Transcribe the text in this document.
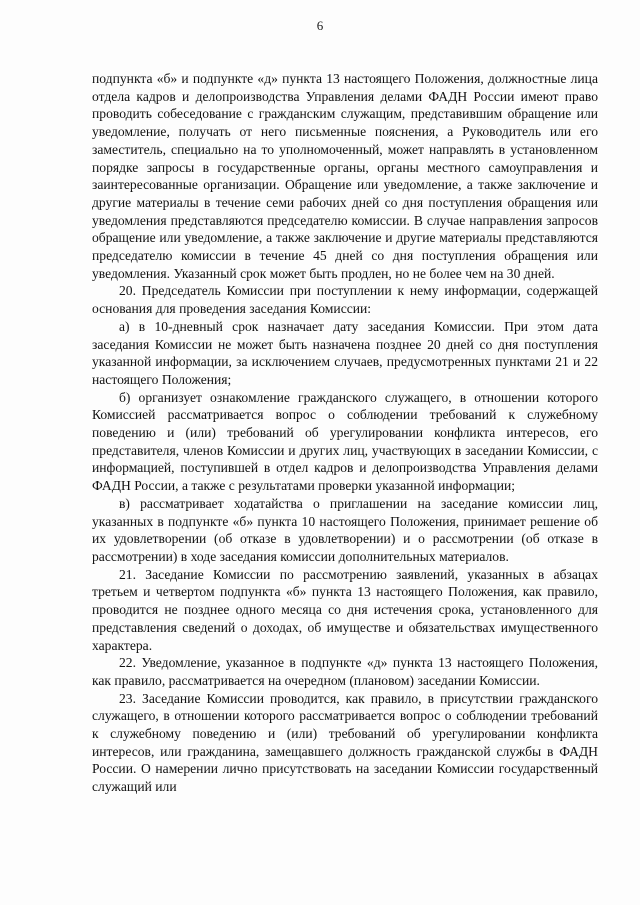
6

подпункта «б» и подпункте «д» пункта 13 настоящего Положения, должностные лица отдела кадров и делопроизводства Управления делами ФАДН России имеют право проводить собеседование с гражданским служащим, представившим обращение или уведомление, получать от него письменные пояснения, а Руководитель или его заместитель, специально на то уполномоченный, может направлять в установленном порядке запросы в государственные органы, органы местного самоуправления и заинтересованные организации. Обращение или уведомление, а также заключение и другие материалы в течение семи рабочих дней со дня поступления обращения или уведомления представляются председателю комиссии. В случае направления запросов обращение или уведомление, а также заключение и другие материалы представляются председателю комиссии в течение 45 дней со дня поступления обращения или уведомления. Указанный срок может быть продлен, но не более чем на 30 дней.

20. Председатель Комиссии при поступлении к нему информации, содержащей основания для проведения заседания Комиссии:

а) в 10-дневный срок назначает дату заседания Комиссии. При этом дата заседания Комиссии не может быть назначена позднее 20 дней со дня поступления указанной информации, за исключением случаев, предусмотренных пунктами 21 и 22 настоящего Положения;

б) организует ознакомление гражданского служащего, в отношении которого Комиссией рассматривается вопрос о соблюдении требований к служебному поведению и (или) требований об урегулировании конфликта интересов, его представителя, членов Комиссии и других лиц, участвующих в заседании Комиссии, с информацией, поступившей в отдел кадров и делопроизводства Управления делами ФАДН России, а также с результатами проверки указанной информации;

в) рассматривает ходатайства о приглашении на заседание комиссии лиц, указанных в подпункте «б» пункта 10 настоящего Положения, принимает решение об их удовлетворении (об отказе в удовлетворении) и о рассмотрении (об отказе в рассмотрении) в ходе заседания комиссии дополнительных материалов.

21. Заседание Комиссии по рассмотрению заявлений, указанных в абзацах третьем и четвертом подпункта «б» пункта 13 настоящего Положения, как правило, проводится не позднее одного месяца со дня истечения срока, установленного для представления сведений о доходах, об имуществе и обязательствах имущественного характера.

22. Уведомление, указанное в подпункте «д» пункта 13 настоящего Положения, как правило, рассматривается на очередном (плановом) заседании Комиссии.

23. Заседание Комиссии проводится, как правило, в присутствии гражданского служащего, в отношении которого рассматривается вопрос о соблюдении требований к служебному поведению и (или) требований об урегулировании конфликта интересов, или гражданина, замещавшего должность гражданской службы в ФАДН России. О намерении лично присутствовать на заседании Комиссии государственный служащий или
